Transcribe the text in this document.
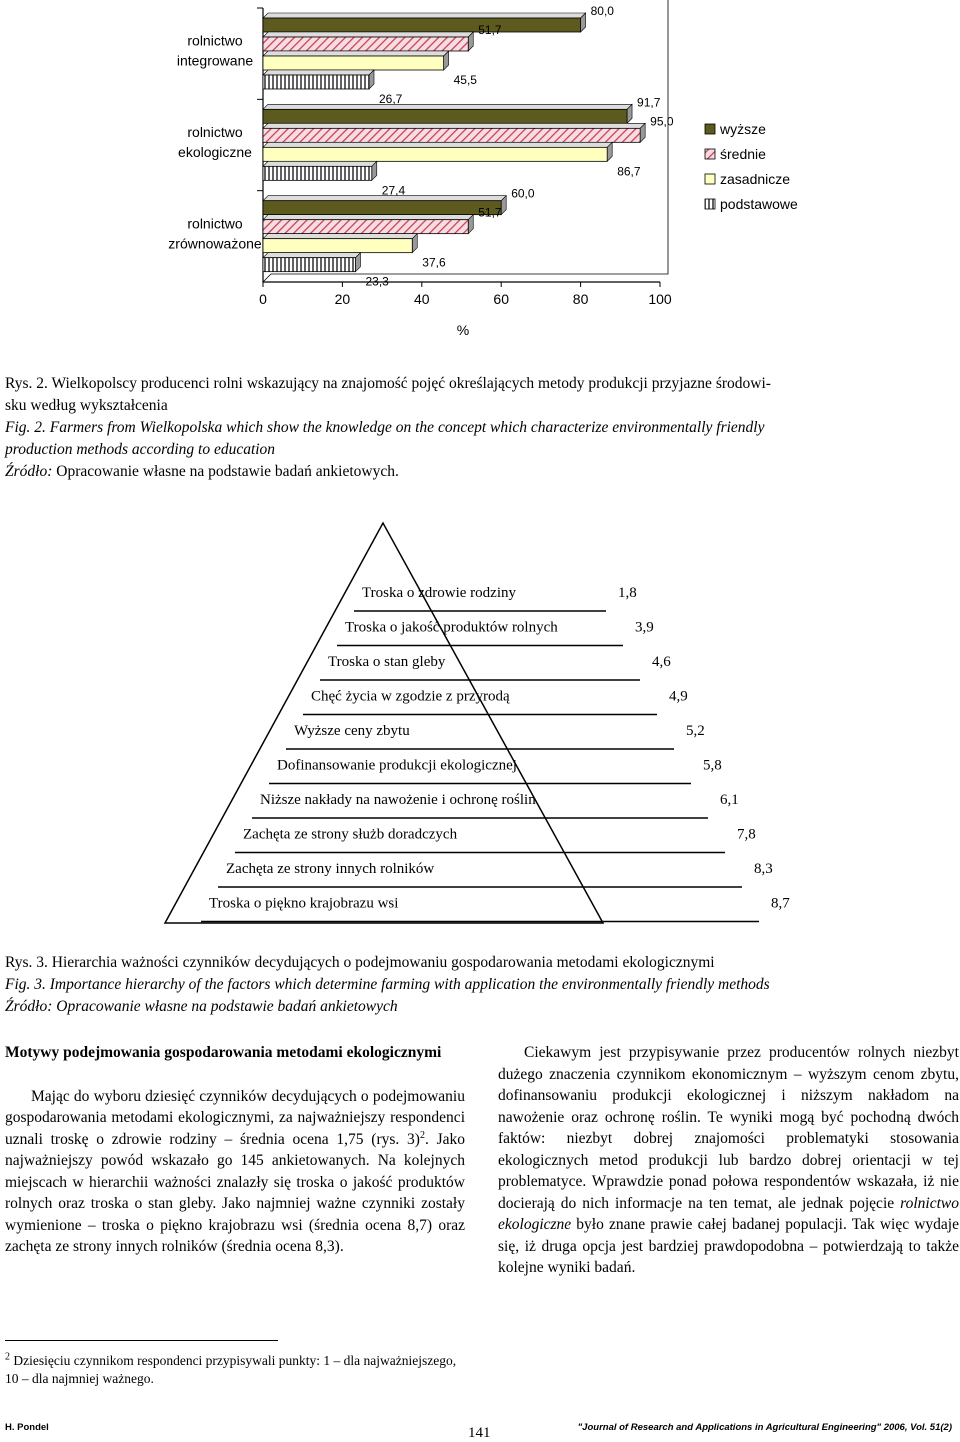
80,0
51,7
45,5
26,7	91,7
95,0
86,7
27,4	60,0
51,7
37,6
23,3
rolnictwo
integrowane
rolnictwo
ekologiczne
rolnictwo
zrównoważone
0	20	40	60	80	100
%
wyższe
średnie
zasadnicze
podstawowe

Rys. 2. Wielkopolscy producenci rolni wskazujący na znajomość pojęć określających metody produkcji przyjazne środowi-

sku według wykształcenia

Fig. 2. Farmers from Wielkopolska which show the knowledge on the concept which characterize environmentally friendly

production methods according to education

Źródło: Opracowanie własne na podstawie badań ankietowych.

Troska o zdrowie rodziny	1,8
Troska o jakość produktów rolnych	3,9
Troska o stan gleby	4,6
Chęć życia w zgodzie z przyrodą	4,9
Wyższe ceny zbytu	5,2
Dofinansowanie produkcji ekologicznej	5,8
Niższe nakłady na nawożenie i ochronę roślin	6,1
Zachęta ze strony służb doradczych	7,8
Zachęta ze strony innych rolników	8,3
Troska o piękno krajobrazu wsi	8,7

Rys. 3. Hierarchia ważności czynników decydujących o podejmowaniu gospodarowania metodami ekologicznymi

Fig. 3. Importance hierarchy of the factors which determine farming with application the environmentally friendly methods

Źródło: Opracowanie własne na podstawie badań ankietowych

Motywy podejmowania gospodarowania metodami ekologicznymi

Mając do wyboru dziesięć czynników decydujących o podejmowaniu gospodarowania metodami ekologicznymi, za najważniejszy respondenci uznali troskę o zdrowie rodziny – średnia ocena 1,75 (rys. 3)$^2$. Jako najważniejszy powód wskazało go 145 ankietowanych. Na kolejnych miejscach w hierarchii ważności znalazły się troska o jakość produktów rolnych oraz troska o stan gleby. Jako najmniej ważne czynniki zostały wymienione – troska o piękno krajobrazu wsi (średnia ocena 8,7) oraz zachęta ze strony innych rolników (średnia ocena 8,3).

Ciekawym jest przypisywanie przez producentów rolnych niezbyt dużego znaczenia czynnikom ekonomicznym – wyższym cenom zbytu, dofinansowaniu produkcji ekologicznej i niższym nakładom na nawożenie oraz ochronę roślin. Te wyniki mogą być pochodną dwóch faktów: niezbyt dobrej znajomości problematyki stosowania ekologicznych metod produkcji lub bardzo dobrej orientacji w tej problematyce. Wprawdzie ponad połowa respondentów wskazała, iż nie docierają do nich informacje na ten temat, ale jednak pojęcie rolnictwo ekologiczne było znane prawie całej badanej populacji. Tak więc wydaje się, iż druga opcja jest bardziej prawdopodobna – potwierdzają to także kolejne wyniki badań.

$^2$ Dziesięciu czynnikom respondenci przypisywali punkty: 1 – dla najważniejszego, 10 – dla najmniej ważnego.
H. Pondel	141	"Journal of Research and Applications in Agricultural Engineering" 2006, Vol. 51(2)
